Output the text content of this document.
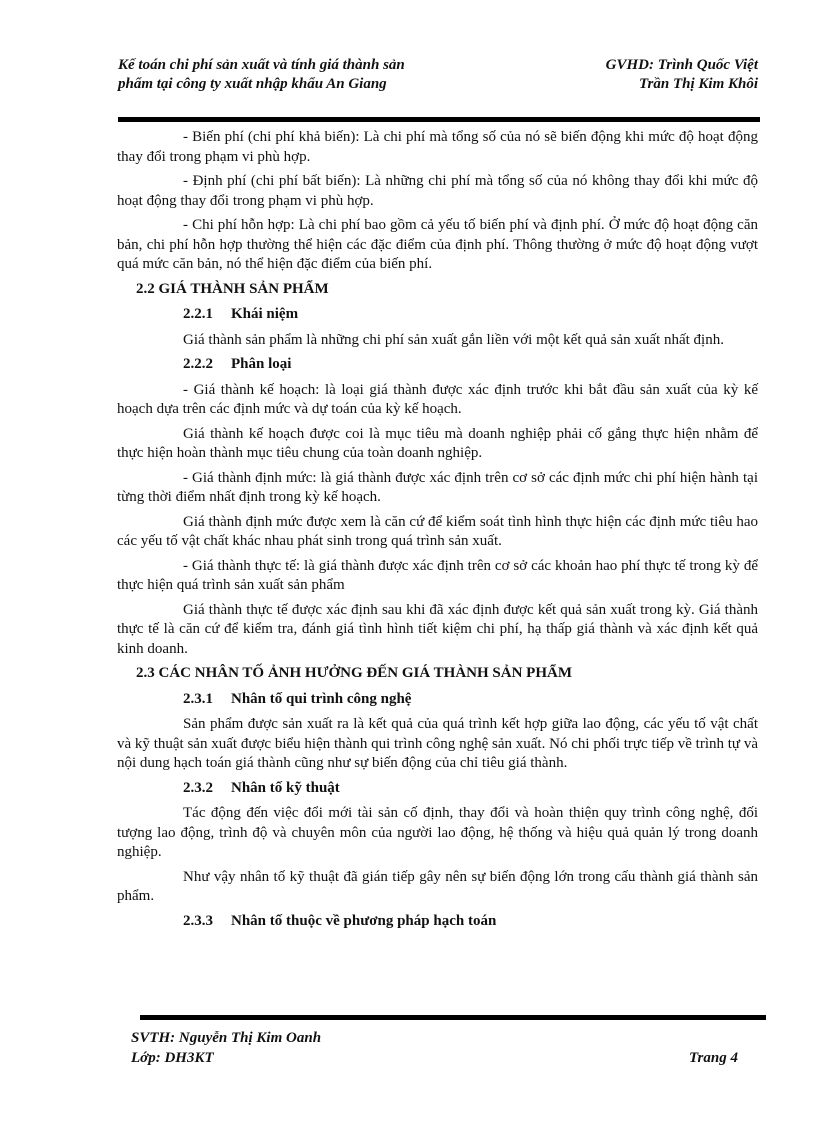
Kế toán chi phí sản xuất và tính giá thành sản
phẩm tại công ty xuất nhập khẩu An Giang
GVHD: Trình Quốc Việt
Trần Thị Kim Khôi

- Biến phí (chi phí khả biến): Là chi phí mà tổng số của nó sẽ biến động khi mức độ hoạt động thay đổi trong phạm vi phù hợp.

- Định phí (chi phí bất biến): Là những chi phí mà tổng số của nó không thay đổi khi mức độ hoạt động thay đổi trong phạm vi phù hợp.

- Chi phí hỗn hợp: Là chi phí bao gồm cả yếu tố biến phí và định phí. Ở mức độ hoạt động căn bản, chi phí hỗn hợp thường thể hiện các đặc điểm của định phí. Thông thường ở mức độ hoạt động vượt quá mức căn bản, nó thể hiện đặc điểm của biến phí.

2.2 GIÁ THÀNH SẢN PHẨM
2.2.1 Khái niệm

Giá thành sản phẩm là những chi phí sản xuất gắn liền với một kết quả sản xuất nhất định.

2.2.2 Phân loại

- Giá thành kế hoạch: là loại giá thành được xác định trước khi bắt đầu sản xuất của kỳ kế hoạch dựa trên các định mức và dự toán của kỳ kế hoạch.

Giá thành kế hoạch được coi là mục tiêu mà doanh nghiệp phải cố gắng thực hiện nhằm để thực hiện hoàn thành mục tiêu chung của toàn doanh nghiệp.

- Giá thành định mức: là giá thành được xác định trên cơ sở các định mức chi phí hiện hành tại từng thời điểm nhất định trong kỳ kế hoạch.

Giá thành định mức được xem là căn cứ để kiểm soát tình hình thực hiện các định mức tiêu hao các yếu tố vật chất khác nhau phát sinh trong quá trình sản xuất.

- Giá thành thực tế: là giá thành được xác định trên cơ sở các khoản hao phí thực tế trong kỳ để thực hiện quá trình sản xuất sản phẩm

Giá thành thực tế được xác định sau khi đã xác định được kết quả sản xuất trong kỳ. Giá thành thực tế là căn cứ để kiểm tra, đánh giá tình hình tiết kiệm chi phí, hạ thấp giá thành và xác định kết quả kinh doanh.

2.3 CÁC NHÂN TỐ ẢNH HƯỞNG ĐẾN GIÁ THÀNH SẢN PHẨM
2.3.1 Nhân tố qui trình công nghệ

Sản phẩm được sản xuất ra là kết quả của quá trình kết hợp giữa lao động, các yếu tố vật chất và kỹ thuật sản xuất được biểu hiện thành qui trình công nghệ sản xuất. Nó chi phối trực tiếp về trình tự và nội dung hạch toán giá thành cũng như sự biến động của chỉ tiêu giá thành.

2.3.2 Nhân tố kỹ thuật

Tác động đến việc đổi mới tài sản cố định, thay đổi và hoàn thiện quy trình công nghệ, đối tượng lao động, trình độ và chuyên môn của người lao động, hệ thống và hiệu quả quản lý trong doanh nghiệp.

Như vậy nhân tố kỹ thuật đã gián tiếp gây nên sự biến động lớn trong cấu thành giá thành sản phẩm.

2.3.3 Nhân tố thuộc về phương pháp hạch toán
SVTH: Nguyễn Thị Kim Oanh
Lớp: DH3KT	Trang 4
